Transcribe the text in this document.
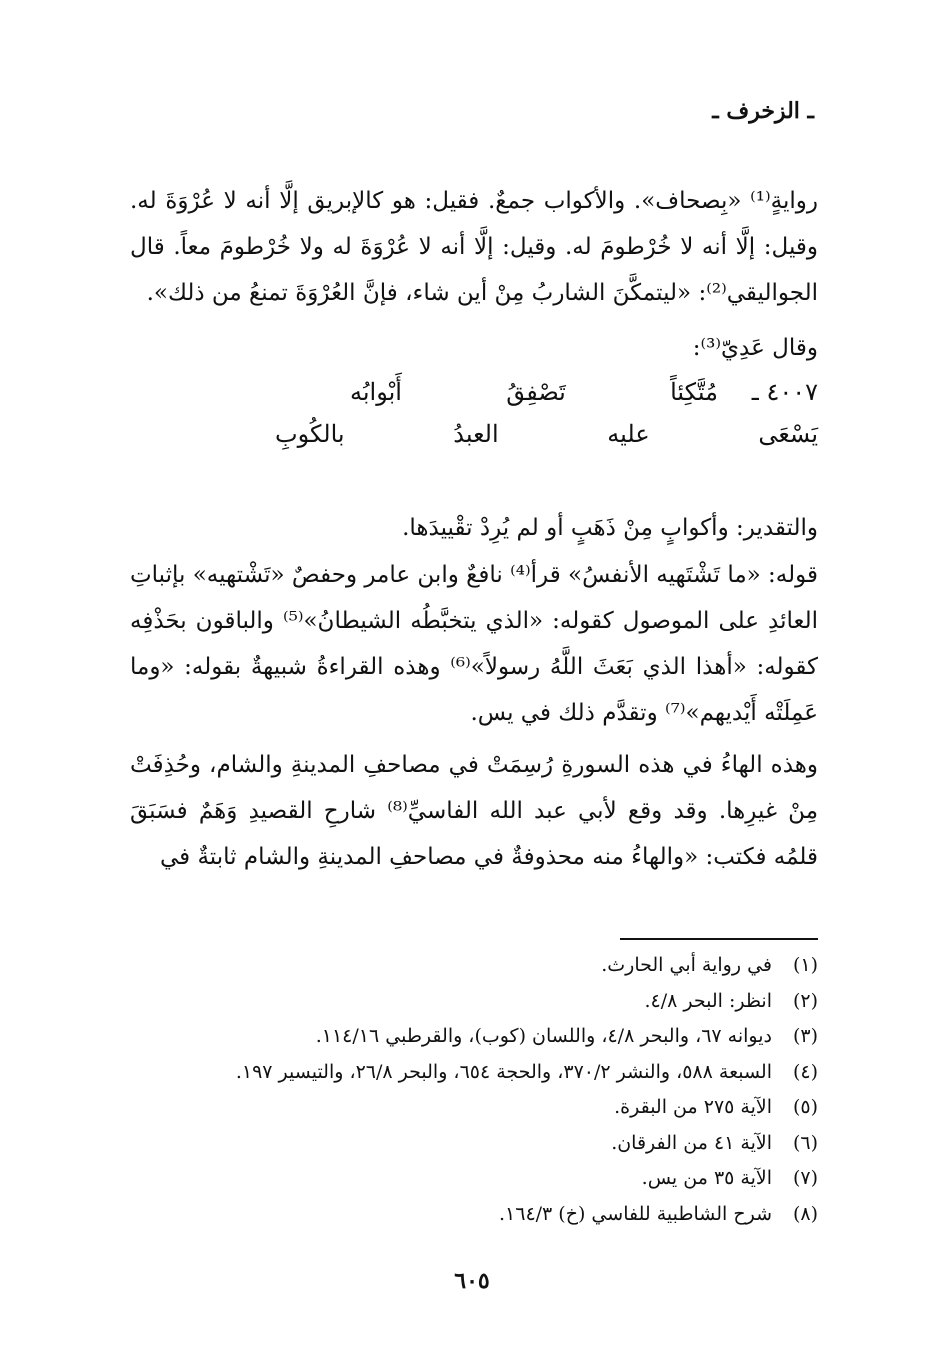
ـ الزخرف ـ

روايةٍ⁽¹⁾ «بِصحاف». والأكواب جمعٌ. فقيل: هو كالإبريق إلَّا أنه لا عُرْوَةَ له. وقيل: إلَّا أنه لا خُرْطومَ له. وقيل: إلَّا أنه لا عُرْوَةَ له ولا خُرْطومَ معاً. قال الجواليقي⁽²⁾: «ليتمكَّنَ الشاربُ مِنْ أين شاء، فإنَّ العُرْوَةَ تمنعُ من ذلك».

وقال عَدِيّ⁽³⁾:

٤٠٠٧ ـ
مُتَّكِئاً
تَصْفِقُ
أَبْوابُه
يَسْعَى
عليه
العبدُ
بالكُوبِ

والتقدير: وأكوابٍ مِنْ ذَهَبٍ أو لم يُرِدْ تقْييدَها.

قوله: «ما تَشْتَهيه الأنفسُ» قرأ⁽⁴⁾ نافعٌ وابن عامر وحفصٌ «تَشْتهيه» بإثباتِ العائدِ على الموصول كقوله: «الذي يتخبَّطُه الشيطانُ»⁽⁵⁾ والباقون بحَذْفِه كقوله: «أهذا الذي بَعَثَ اللَّهُ رسولاً»⁽⁶⁾ وهذه القراءةُ شبيهةٌ بقوله: «وما عَمِلَتْه أَيْديهم»⁽⁷⁾ وتقدَّم ذلك في يس.

وهذه الهاءُ في هذه السورةِ رُسِمَتْ في مصاحفِ المدينةِ والشام، وحُذِفَتْ مِنْ غيرِها. وقد وقع لأبي عبد الله الفاسيِّ⁽⁸⁾ شارحِ القصيدِ وَهَمٌ فسَبَقَ قلمُه فكتب: «والهاءُ منه محذوفةٌ في مصاحفِ المدينةِ والشام ثابتةٌ في

(١)في رواية أبي الحارث.
(٢)انظر: البحر ٤/٨.
(٣)ديوانه ٦٧، والبحر ٤/٨، واللسان (كوب)، والقرطبي ١١٤/١٦.
(٤)السبعة ٥٨٨، والنشر ٣٧٠/٢، والحجة ٦٥٤، والبحر ٢٦/٨، والتيسير ١٩٧.
(٥)الآية ٢٧٥ من البقرة.
(٦)الآية ٤١ من الفرقان.
(٧)الآية ٣٥ من يس.
(٨)شرح الشاطبية للفاسي (خ) ١٦٤/٣.
٦٠٥
